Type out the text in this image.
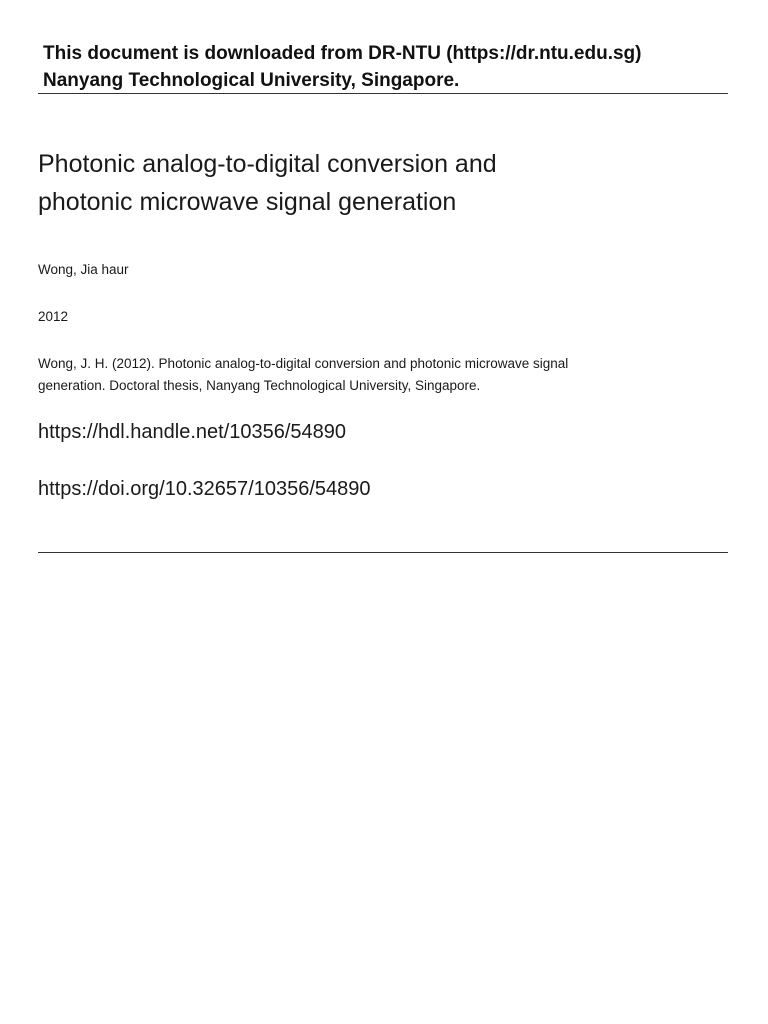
This document is downloaded from DR‑NTU (https://dr.ntu.edu.sg)
Nanyang Technological University, Singapore.
Photonic analog‑to‑digital conversion and
photonic microwave signal generation
Wong, Jia haur
2012
Wong, J. H. (2012). Photonic analog‑to‑digital conversion and photonic microwave signal
generation. Doctoral thesis, Nanyang Technological University, Singapore.
https://hdl.handle.net/10356/54890
https://doi.org/10.32657/10356/54890
